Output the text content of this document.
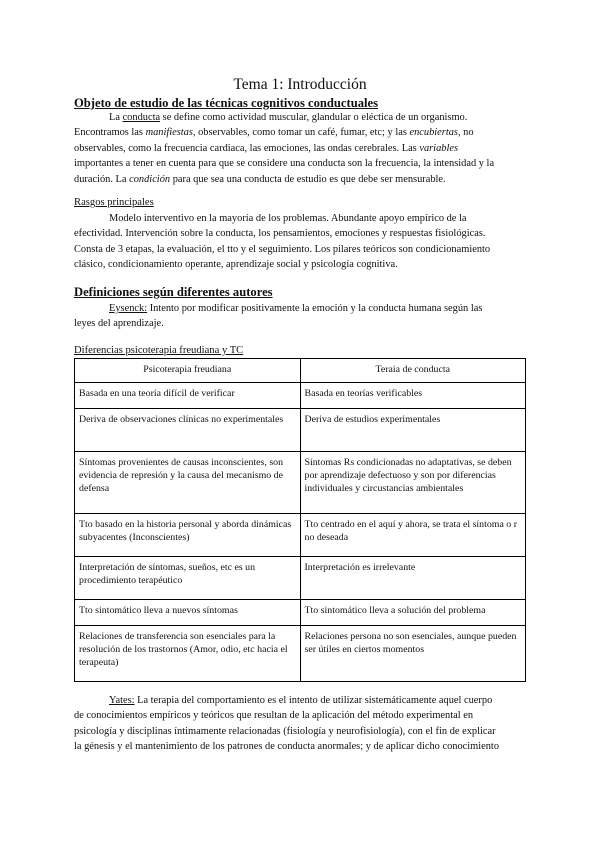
Tema 1: Introducción
Objeto de estudio de las técnicas cognitivos conductuales
La conducta se define como actividad muscular, glandular o eléctica de un organismo.
Encontramos las manifiestas, observables, como tomar un café, fumar, etc; y las encubiertas, no
observables, como la frecuencia cardiaca, las emociones, las ondas cerebrales. Las variables
importantes a tener en cuenta para que se considere una conducta son la frecuencia, la intensidad y la
duración. La condición para que sea una conducta de estudio es que debe ser mensurable.
Rasgos principales
Modelo interventivo en la mayoría de los problemas. Abundante apoyo empírico de la
efectividad. Intervención sobre la conducta, los pensamientos, emociones y respuestas fisiológicas.
Consta de 3 etapas, la evaluación, el tto y el seguimiento. Los pilares teóricos son condicionamiento
clásico, condicionamiento operante, aprendizaje social y psicología cognitiva.
Definiciones según diferentes autores
Eysenck: Intento por modificar positivamente la emoción y la conducta humana según las
leyes del aprendizaje.
Diferencias psicoterapia freudiana y TC
Psicoterapia freudiana	Teraia de conducta
Basada en una teoría difícil de verificar	Basada en teorías verificables
Deriva de observaciones clínicas no experimentales	Deriva de estudios experimentales
Síntomas provenientes de causas inconscientes, son evidencia de represión y la causa del mecanismo de defensa	Síntomas Rs condicionadas no adaptativas, se deben por aprendizaje defectuoso y son por diferencias individuales y circustancias ambientales
Tto basado en la historia personal y aborda dinámicas subyacentes (Inconscientes)	Tto centrado en el aquí y ahora, se trata el síntoma o r no deseada
Interpretación de síntomas, sueños, etc es un procedimiento terapéutico	Interpretación es irrelevante
Tto sintomático lleva a nuevos síntomas	Tto sintomático lleva a solución del problema
Relaciones de transferencia son esenciales para la resolución de los trastornos (Amor, odio, etc hacia el terapeuta)	Relaciones persona no son esenciales, aunque pueden ser útiles en ciertos momentos
Yates: La terapia del comportamiento es el intento de utilizar sistemáticamente aquel cuerpo
de conocimientos empíricos y teóricos que resultan de la aplicación del método experimental en
psicología y disciplinas íntimamente relacionadas (fisiología y neurofisiología), con el fin de explicar
la génesis y el mantenimiento de los patrones de conducta anormales; y de aplicar dicho conocimiento
